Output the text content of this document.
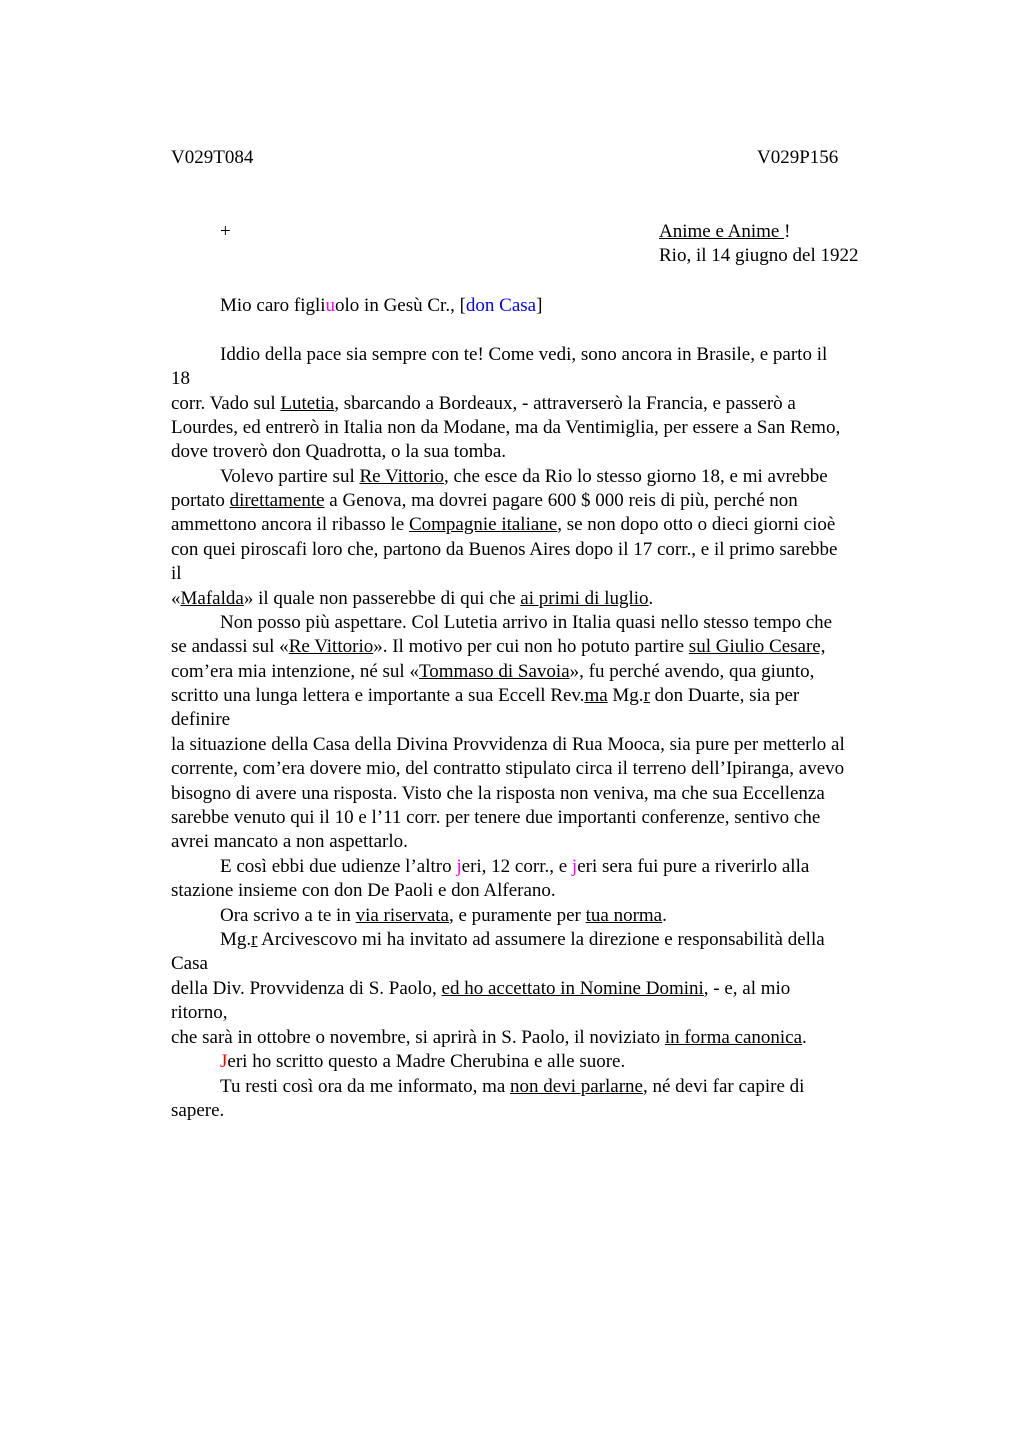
V029T084	V029P156
+	Anime e Anime !
Rio, il 14 giugno del 1922
Mio caro figliuolo in Gesù Cr., [don Casa]
Iddio della pace sia sempre con te! Come vedi, sono ancora in Brasile, e parto il
18
corr. Vado sul Lutetia, sbarcando a Bordeaux, - attraverserò la Francia, e passerò a
Lourdes, ed entrerò in Italia non da Modane, ma da Ventimiglia, per essere a San Remo,
dove troverò don Quadrotta, o la sua tomba.
Volevo partire sul Re Vittorio, che esce da Rio lo stesso giorno 18, e mi avrebbe
portato direttamente a Genova, ma dovrei pagare 600 $ 000 reis di più, perché non
ammettono ancora il ribasso le Compagnie italiane, se non dopo otto o dieci giorni cioè
con quei piroscafi loro che, partono da Buenos Aires dopo il 17 corr., e il primo sarebbe
il
«Mafalda» il quale non passerebbe di qui che ai primi di luglio.
Non posso più aspettare. Col Lutetia arrivo in Italia quasi nello stesso tempo che
se andassi sul «Re Vittorio». Il motivo per cui non ho potuto partire sul Giulio Cesare,
com’era mia intenzione, né sul «Tommaso di Savoia», fu perché avendo, qua giunto,
scritto una lunga lettera e importante a sua Eccell Rev.ma Mg.r don Duarte, sia per
definire
la situazione della Casa della Divina Provvidenza di Rua Mooca, sia pure per metterlo al
corrente, com’era dovere mio, del contratto stipulato circa il terreno dell’Ipiranga, avevo
bisogno di avere una risposta. Visto che la risposta non veniva, ma che sua Eccellenza
sarebbe venuto qui il 10 e l’11 corr. per tenere due importanti conferenze, sentivo che
avrei mancato a non aspettarlo.
E così ebbi due udienze l’altro jeri, 12 corr., e jeri sera fui pure a riverirlo alla
stazione insieme con don De Paoli e don Alferano.
Ora scrivo a te in via riservata, e puramente per tua norma.
Mg.r Arcivescovo mi ha invitato ad assumere la direzione e responsabilità della
Casa
della Div. Provvidenza di S. Paolo, ed ho accettato in Nomine Domini, - e, al mio
ritorno,
che sarà in ottobre o novembre, si aprirà in S. Paolo, il noviziato in forma canonica.
Jeri ho scritto questo a Madre Cherubina e alle suore.
Tu resti così ora da me informato, ma non devi parlarne, né devi far capire di
sapere.
